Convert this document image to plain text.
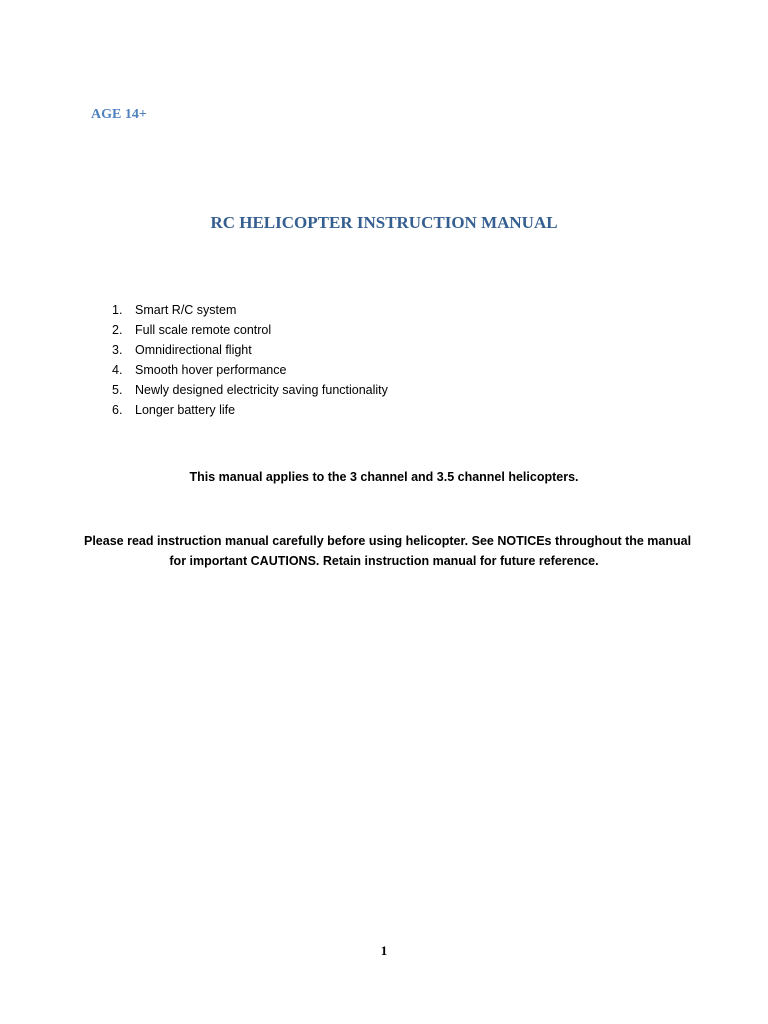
AGE 14+
RC HELICOPTER INSTRUCTION MANUAL
1.	Smart R/C system
2.	Full scale remote control
3.	Omnidirectional flight
4.	Smooth hover performance
5.	Newly designed electricity saving functionality
6.	Longer battery life

This manual applies to the 3 channel and 3.5 channel helicopters.

Please read instruction manual carefully before using helicopter. See NOTICEs throughout the manual
for important CAUTIONS. Retain instruction manual for future reference.

1
